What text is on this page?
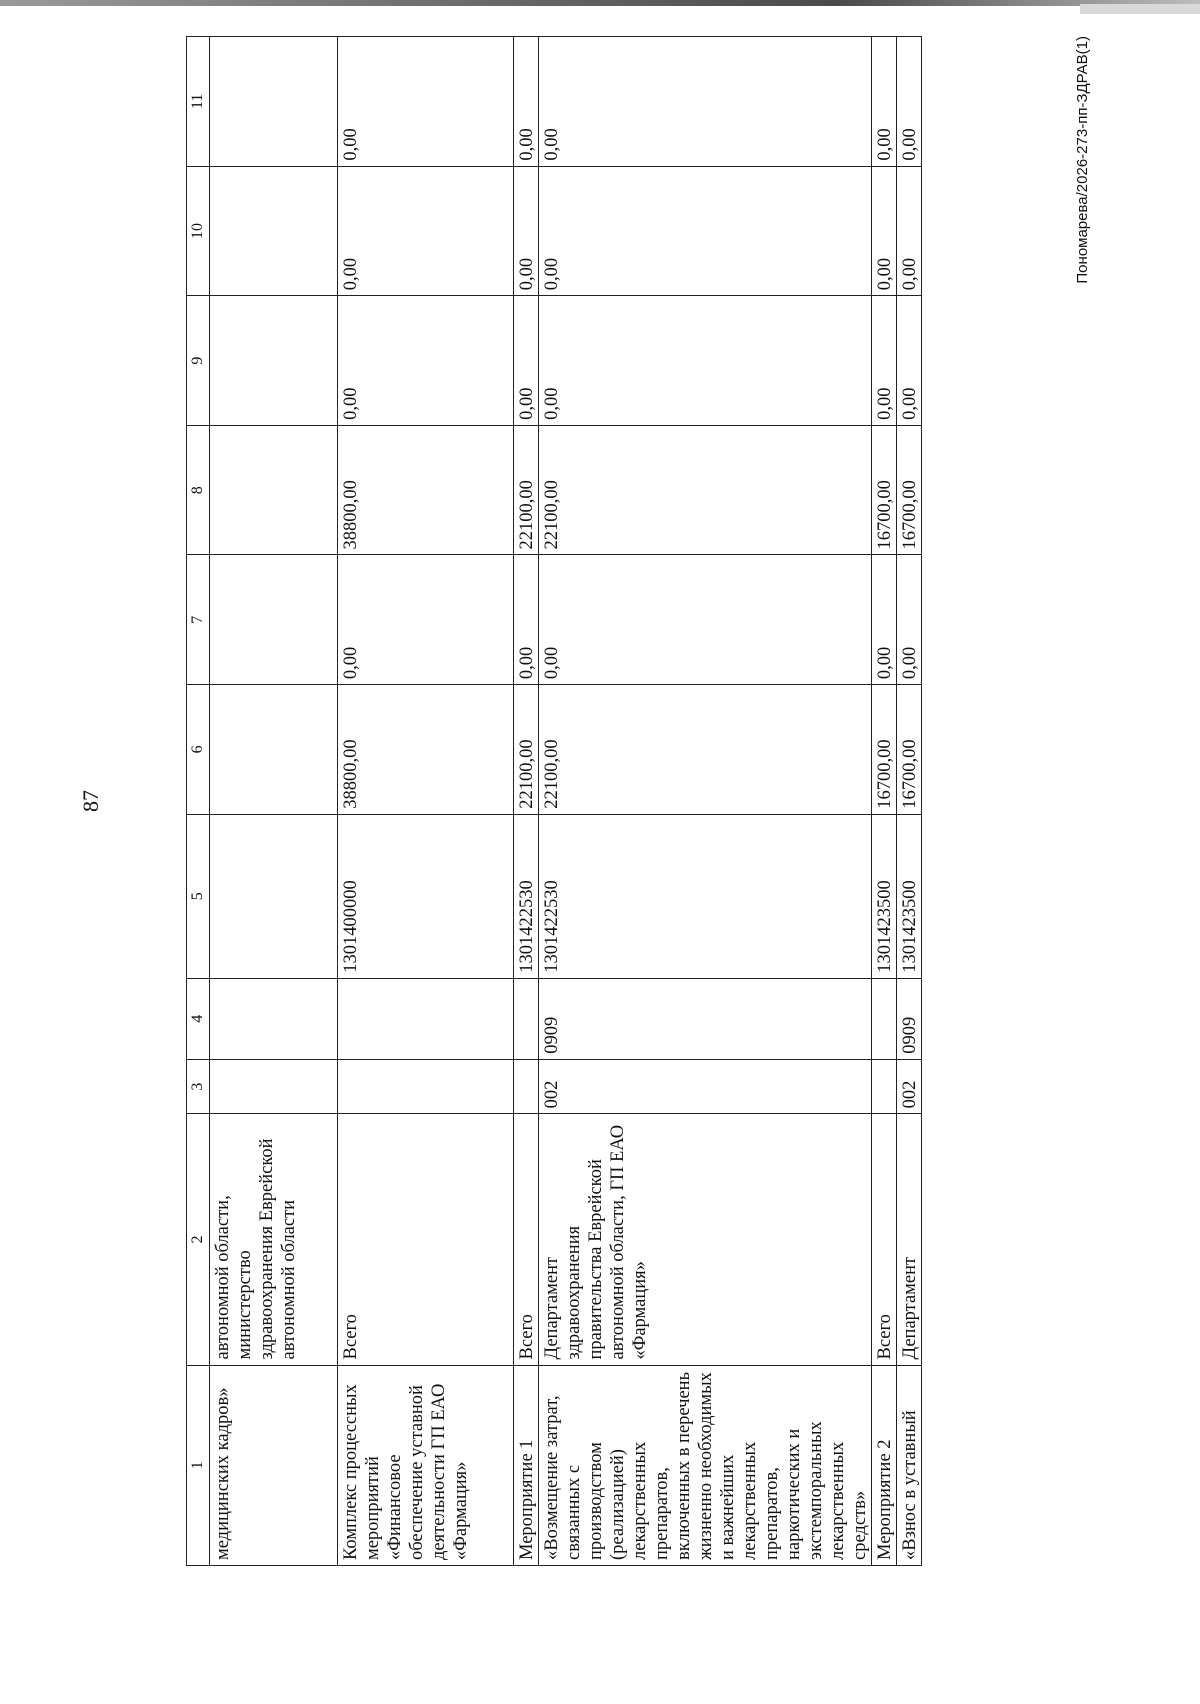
87
1	2	3	4	5	6	7	8	9	10	11
медицинских кадров»	автономной области, министерство здравоохранения Еврейской автономной области									
Комплекс процессных мероприятий «Финансовое обеспечение уставной деятельности ГП ЕАО «Фармация»	Всего			1301400000	38800,00	0,00	38800,00	0,00	0,00	0,00
Мероприятие 1	Всего			1301422530	22100,00	0,00	22100,00	0,00	0,00	0,00
«Возмещение затрат, связанных с производством (реализацией) лекарственных препаратов, включенных в перечень жизненно необходимых и важнейших лекарственных препаратов, наркотических и экстемпоральных лекарственных средств»	Департамент здравоохранения правительства Еврейской автономной области, ГП ЕАО «Фармация»	002	0909	1301422530	22100,00	0,00	22100,00	0,00	0,00	0,00
Мероприятие 2	Всего			1301423500	16700,00	0,00	16700,00	0,00	0,00	0,00
«Взнос в уставный	Департамент	002	0909	1301423500	16700,00	0,00	16700,00	0,00	0,00	0,00	Пономарева/2026-273-пп-ЗДРАВ(1)
